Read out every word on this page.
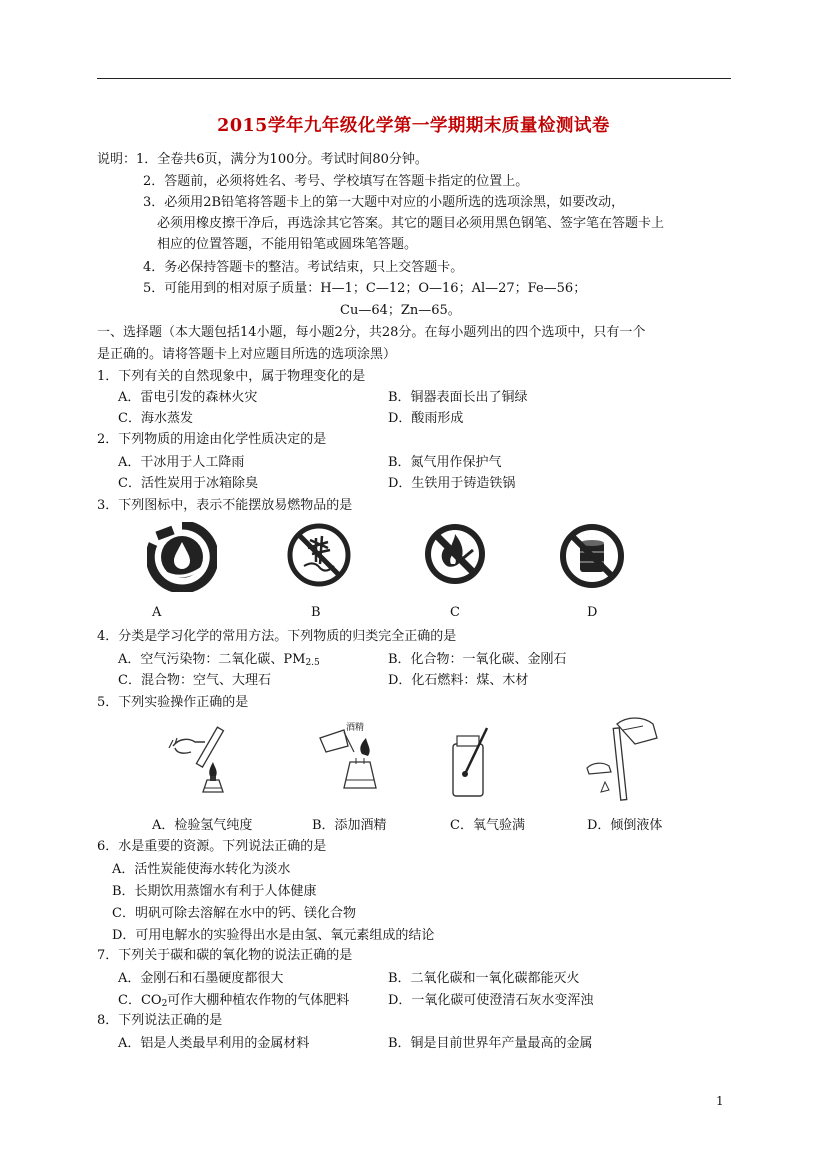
2015学年九年级化学第一学期期末质量检测试卷
说明：1．全卷共6页，满分为100分。考试时间80分钟。
2．答题前，必须将姓名、考号、学校填写在答题卡指定的位置上。
3．必须用2B铅笔将答题卡上的第一大题中对应的小题所选的选项涂黑，如要改动，
必须用橡皮擦干净后，再选涂其它答案。其它的题目必须用黑色钢笔、签字笔在答题卡上
相应的位置答题，不能用铅笔或圆珠笔答题。
4．务必保持答题卡的整洁。考试结束，只上交答题卡。
5．可能用到的相对原子质量：H—1；C—12；O—16；Al—27；Fe—56；
Cu—64；Zn—65。
一、选择题（本大题包括14小题，每小题2分，共28分。在每小题列出的四个选项中，只有一个
是正确的。请将答题卡上对应题目所选的选项涂黑）
1．下列有关的自然现象中，属于物理变化的是
A．雷电引发的森林火灾	B．铜器表面长出了铜绿
C．海水蒸发	D．酸雨形成
2．下列物质的用途由化学性质决定的是
A．干冰用于人工降雨	B．氮气用作保护气
C．活性炭用于冰箱除臭	D．生铁用于铸造铁锅
3．下列图标中，表示不能摆放易燃物品的是
A	B	C	D
4．分类是学习化学的常用方法。下列物质的归类完全正确的是
A．空气污染物：二氧化碳、$PM_{2.5}$	B．化合物：一氧化碳、金刚石
C．混合物：空气、大理石	D．化石燃料：煤、木材
5．下列实验操作正确的是
酒精
A．检验氢气纯度	B．添加酒精	C．氧气验满	D．倾倒液体
6．水是重要的资源。下列说法正确的是
A．活性炭能使海水转化为淡水
B．长期饮用蒸馏水有利于人体健康
C．明矾可除去溶解在水中的钙、镁化合物
D．可用电解水的实验得出水是由氢、氧元素组成的结论
7．下列关于碳和碳的氧化物的说法正确的是
A．金刚石和石墨硬度都很大	B．二氧化碳和一氧化碳都能灭火
C．$CO_2$可作大棚种植农作物的气体肥料	D．一氧化碳可使澄清石灰水变浑浊
8．下列说法正确的是
A．铝是人类最早利用的金属材料	B．铜是目前世界年产量最高的金属
1
